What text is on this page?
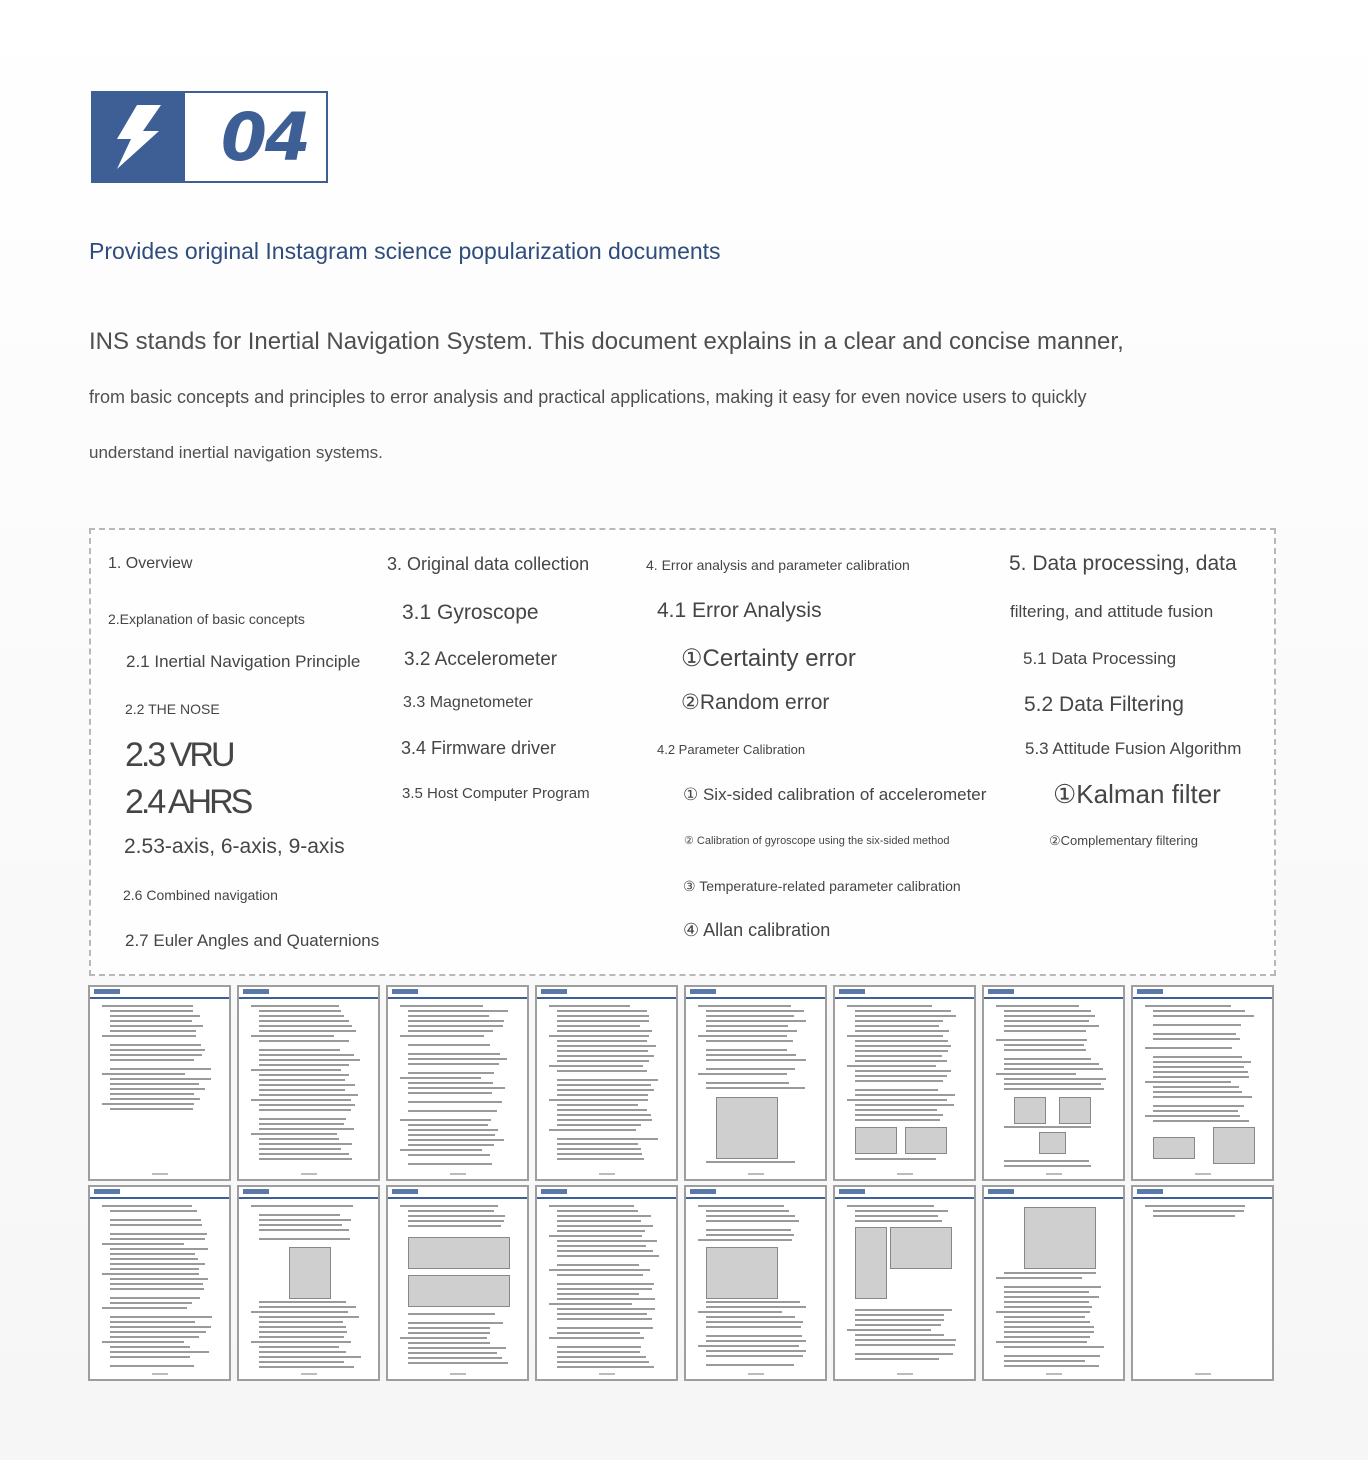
04
Provides original Instagram science popularization documents
INS stands for Inertial Navigation System. This document explains in a clear and concise manner,
from basic concepts and principles to error analysis and practical applications, making it easy for even novice users to quickly
understand inertial navigation systems.
1. Overview
2.Explanation of basic concepts
2.1 Inertial Navigation Principle
2.2 THE NOSE
2.3 VRU
2.4 AHRS
2.53-axis, 6-axis, 9-axis
2.6 Combined navigation
2.7 Euler Angles and Quaternions
3. Original data collection
3.1 Gyroscope
3.2 Accelerometer
3.3 Magnetometer
3.4 Firmware driver
3.5 Host Computer Program
4. Error analysis and parameter calibration
4.1 Error Analysis
①Certainty error
②Random error
4.2 Parameter Calibration
① Six-sided calibration of accelerometer
② Calibration of gyroscope using the six-sided method
③ Temperature-related parameter calibration
④ Allan calibration
5. Data processing, data
filtering, and attitude fusion
5.1 Data Processing
5.2 Data Filtering
5.3 Attitude Fusion Algorithm
①Kalman filter
②Complementary filtering
